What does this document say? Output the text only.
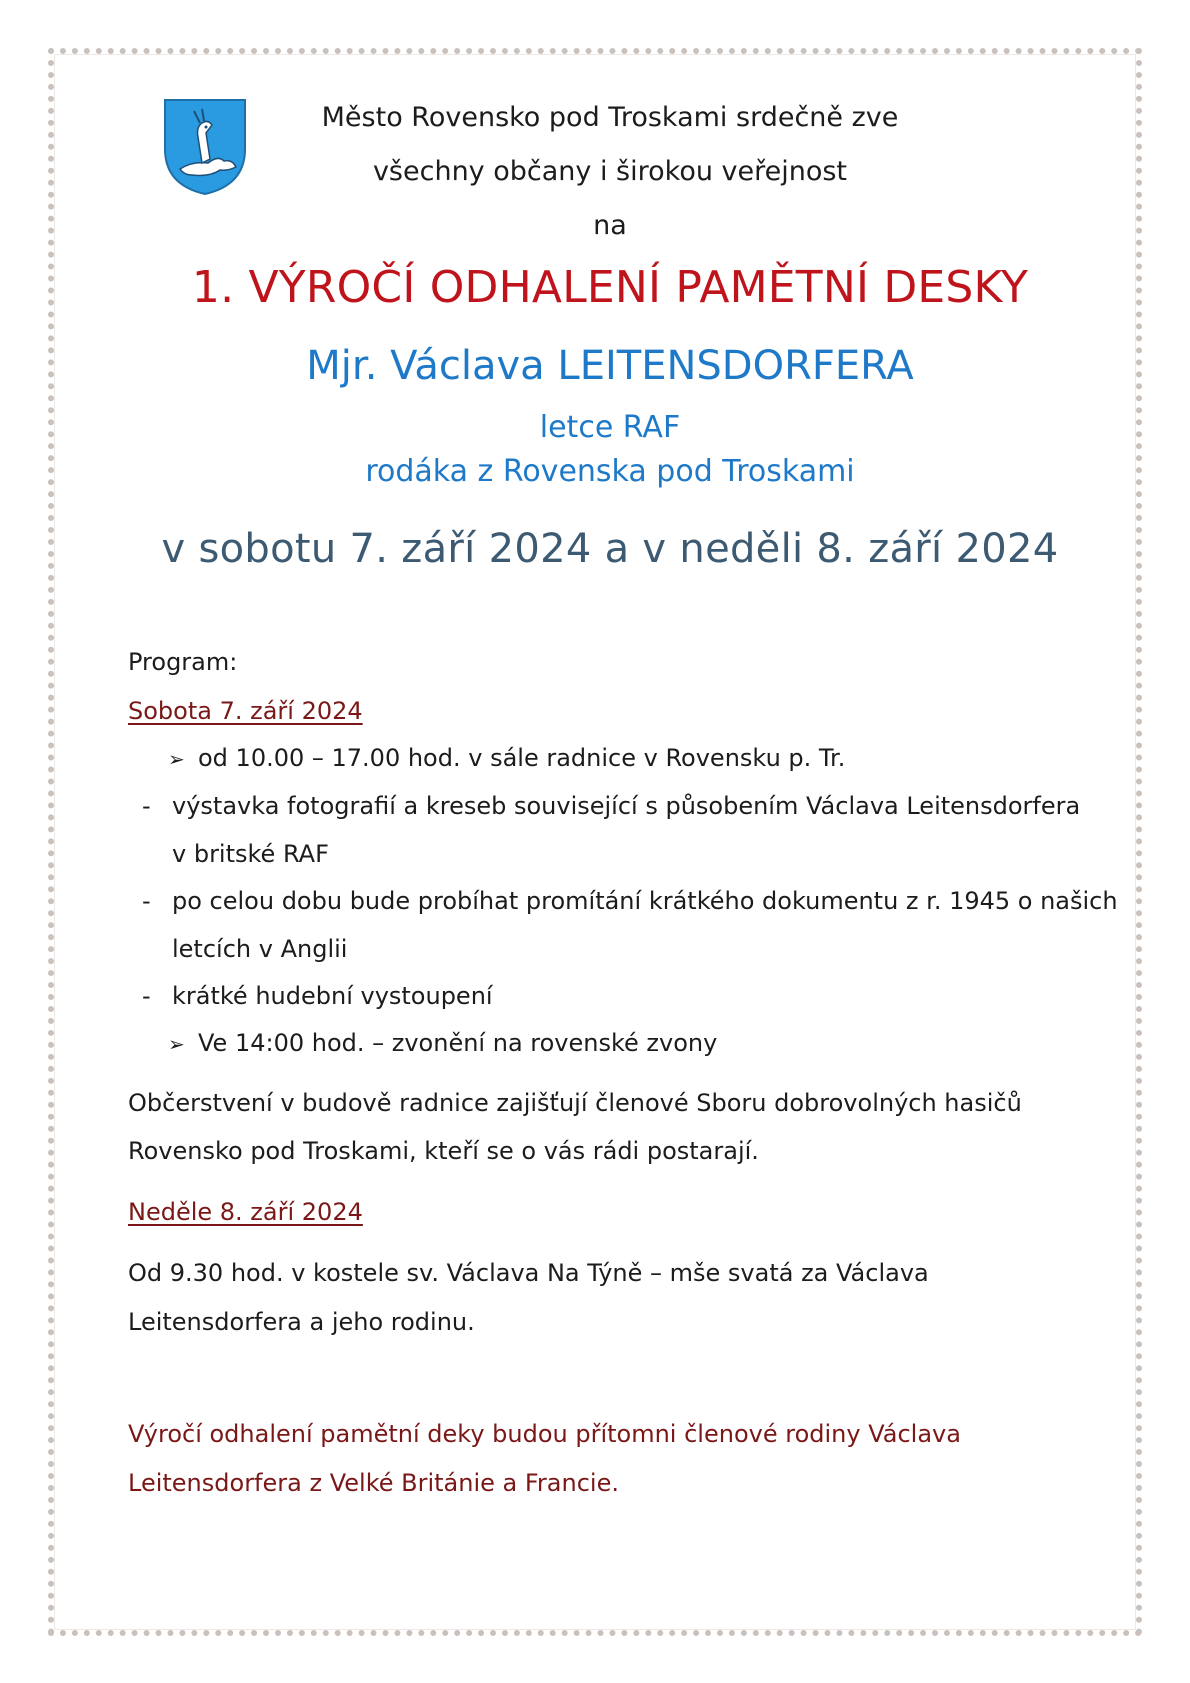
Město Rovensko pod Troskami srdečně zve
všechny občany i širokou veřejnost
na
1. VÝROČÍ ODHALENÍ PAMĚTNÍ DESKY
Mjr. Václava LEITENSDORFERA
letce RAF
rodáka z Rovenska pod Troskami
v sobotu 7. září 2024 a v neděli 8. září 2024
Program:
Sobota 7. září 2024
➢ od 10.00 – 17.00 hod. v sále radnice v Rovensku p. Tr.
- výstavka fotografií a kreseb související s působením Václava Leitensdorfera
v britské RAF
- po celou dobu bude probíhat promítání krátkého dokumentu z r. 1945 o našich
letcích v Anglii
- krátké hudební vystoupení
➢ Ve 14:00 hod. – zvonění na rovenské zvony
Občerstvení v budově radnice zajišťují členové Sboru dobrovolných hasičů
Rovensko pod Troskami, kteří se o vás rádi postarají.
Neděle 8. září 2024
Od 9.30 hod. v kostele sv. Václava Na Týně – mše svatá za Václava
Leitensdorfera a jeho rodinu.
Výročí odhalení pamětní deky budou přítomni členové rodiny Václava
Leitensdorfera z Velké Británie a Francie.
